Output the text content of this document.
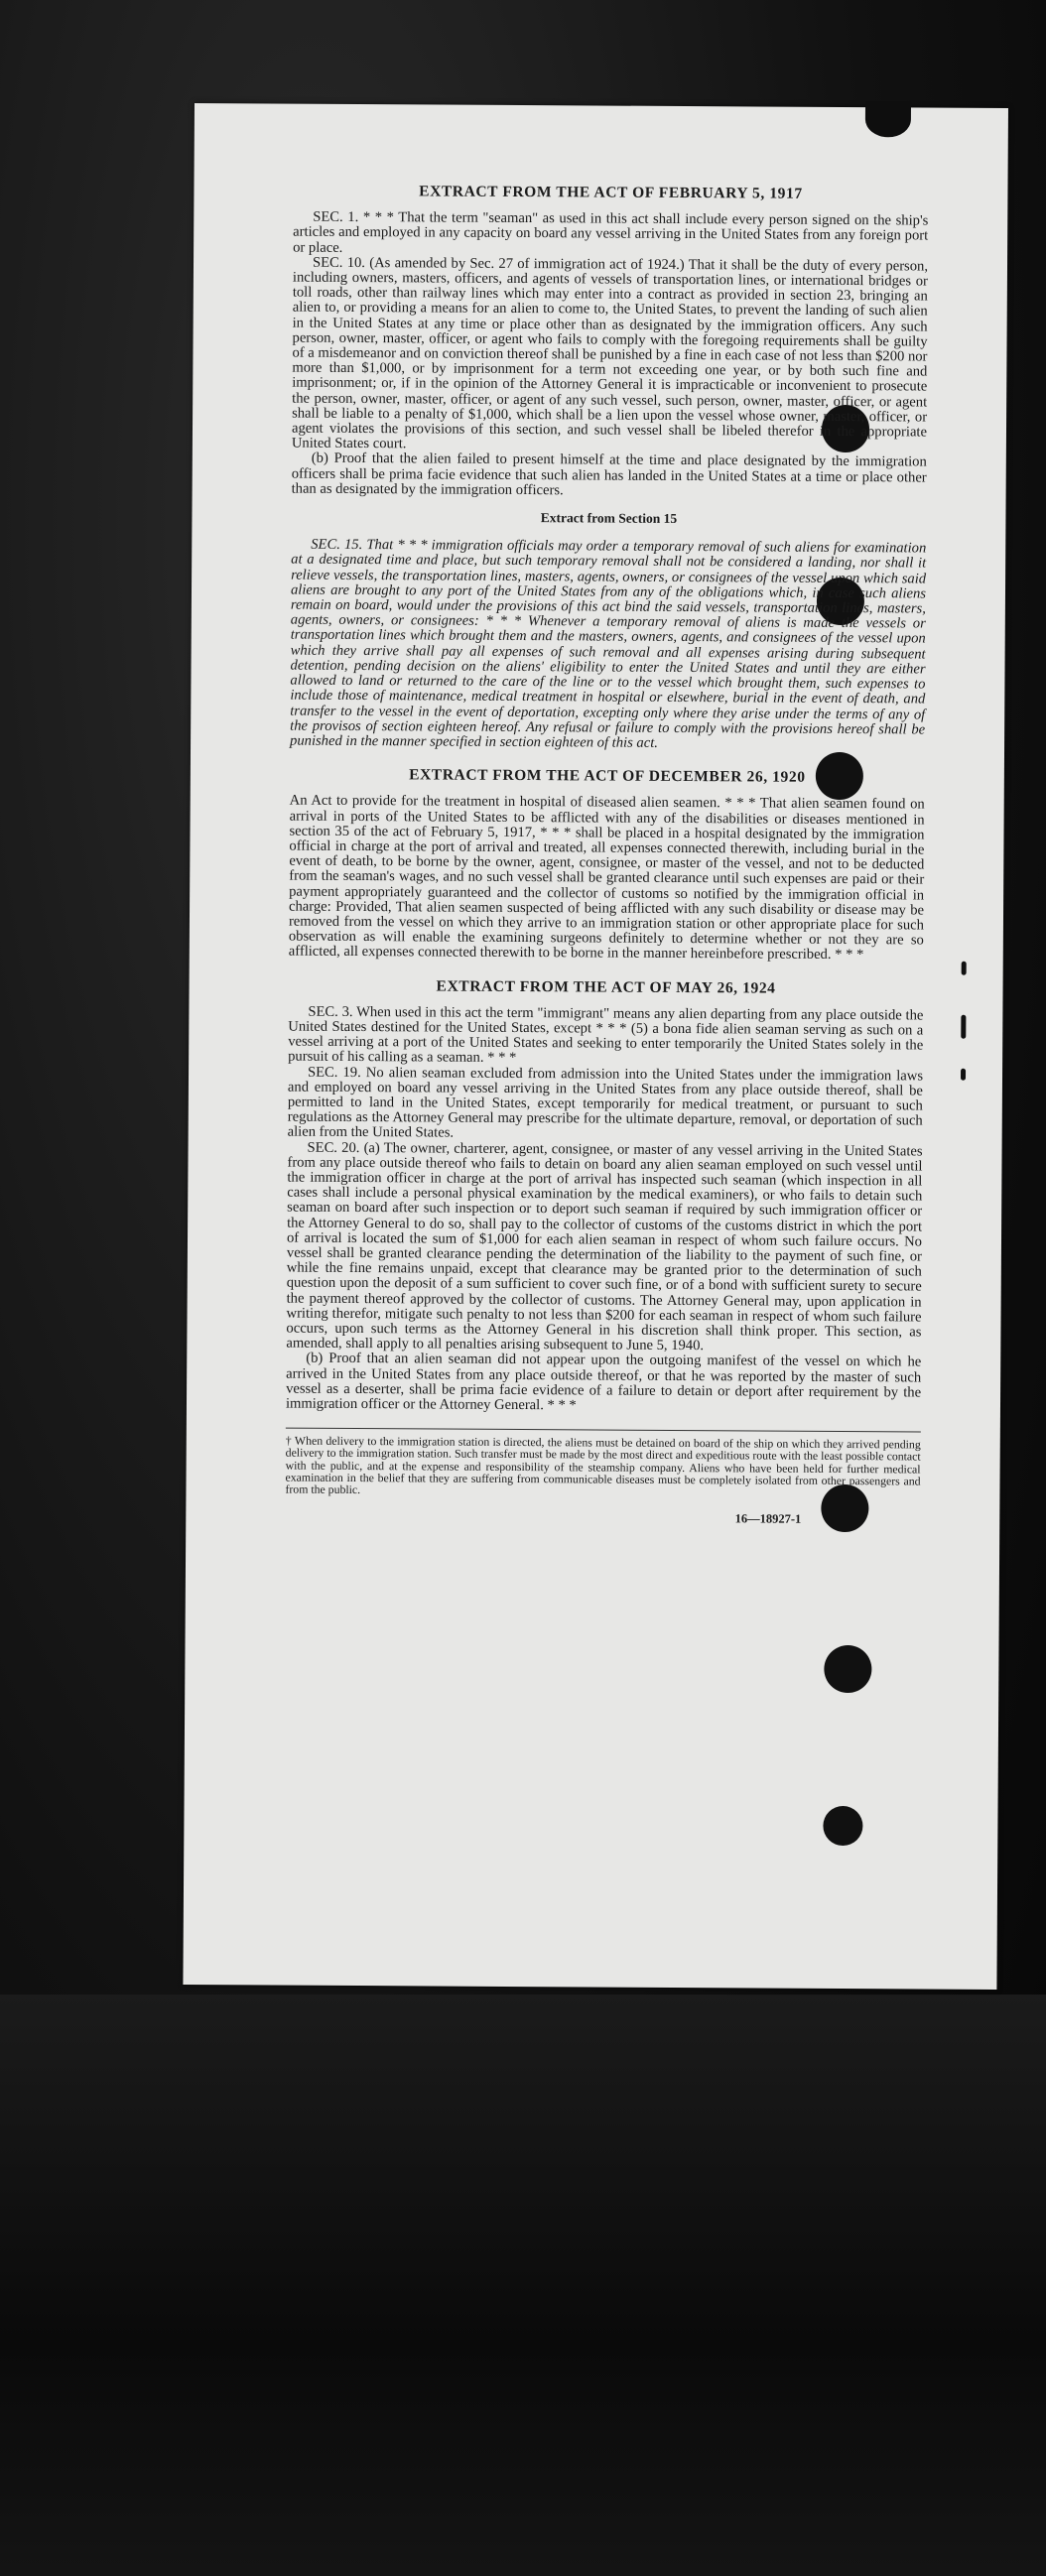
EXTRACT FROM THE ACT OF FEBRUARY 5, 1917

SEC. 1. * * * That the term "seaman" as used in this act shall include every person signed on the ship's articles and employed in any capacity on board any vessel arriving in the United States from any foreign port or place.

SEC. 10. (As amended by Sec. 27 of immigration act of 1924.) That it shall be the duty of every person, including owners, masters, officers, and agents of vessels of transportation lines, or international bridges or toll roads, other than railway lines which may enter into a contract as provided in section 23, bringing an alien to, or providing a means for an alien to come to, the United States, to prevent the landing of such alien in the United States at any time or place other than as designated by the immigration officers. Any such person, owner, master, officer, or agent who fails to comply with the foregoing requirements shall be guilty of a misdemeanor and on conviction thereof shall be punished by a fine in each case of not less than $200 nor more than $1,000, or by imprisonment for a term not exceeding one year, or by both such fine and imprisonment; or, if in the opinion of the Attorney General it is impracticable or inconvenient to prosecute the person, owner, master, officer, or agent of any such vessel, such person, owner, master, officer, or agent shall be liable to a penalty of $1,000, which shall be a lien upon the vessel whose owner, master, officer, or agent violates the provisions of this section, and such vessel shall be libeled therefor in the appropriate United States court.

(b) Proof that the alien failed to present himself at the time and place designated by the immigration officers shall be prima facie evidence that such alien has landed in the United States at a time or place other than as designated by the immigration officers.

Extract from Section 15

SEC. 15. That * * * immigration officials may order a temporary removal of such aliens for examination at a designated time and place, but such temporary removal shall not be considered a landing, nor shall it relieve vessels, the transportation lines, masters, agents, owners, or consignees of the vessel upon which said aliens are brought to any port of the United States from any of the obligations which, in case such aliens remain on board, would under the provisions of this act bind the said vessels, transportation lines, masters, agents, owners, or consignees: * * * Whenever a temporary removal of aliens is made the vessels or transportation lines which brought them and the masters, owners, agents, and consignees of the vessel upon which they arrive shall pay all expenses of such removal and all expenses arising during subsequent detention, pending decision on the aliens' eligibility to enter the United States and until they are either allowed to land or returned to the care of the line or to the vessel which brought them, such expenses to include those of maintenance, medical treatment in hospital or elsewhere, burial in the event of death, and transfer to the vessel in the event of deportation, excepting only where they arise under the terms of any of the provisos of section eighteen hereof. Any refusal or failure to comply with the provisions hereof shall be punished in the manner specified in section eighteen of this act.

EXTRACT FROM THE ACT OF DECEMBER 26, 1920

An Act to provide for the treatment in hospital of diseased alien seamen. * * * That alien seamen found on arrival in ports of the United States to be afflicted with any of the disabilities or diseases mentioned in section 35 of the act of February 5, 1917, * * * shall be placed in a hospital designated by the immigration official in charge at the port of arrival and treated, all expenses connected therewith, including burial in the event of death, to be borne by the owner, agent, consignee, or master of the vessel, and not to be deducted from the seaman's wages, and no such vessel shall be granted clearance until such expenses are paid or their payment appropriately guaranteed and the collector of customs so notified by the immigration official in charge: Provided, That alien seamen suspected of being afflicted with any such disability or disease may be removed from the vessel on which they arrive to an immigration station or other appropriate place for such observation as will enable the examining surgeons definitely to determine whether or not they are so afflicted, all expenses connected therewith to be borne in the manner hereinbefore prescribed. * * *

EXTRACT FROM THE ACT OF MAY 26, 1924

SEC. 3. When used in this act the term "immigrant" means any alien departing from any place outside the United States destined for the United States, except * * * (5) a bona fide alien seaman serving as such on a vessel arriving at a port of the United States and seeking to enter temporarily the United States solely in the pursuit of his calling as a seaman. * * *

SEC. 19. No alien seaman excluded from admission into the United States under the immigration laws and employed on board any vessel arriving in the United States from any place outside thereof, shall be permitted to land in the United States, except temporarily for medical treatment, or pursuant to such regulations as the Attorney General may prescribe for the ultimate departure, removal, or deportation of such alien from the United States.

SEC. 20. (a) The owner, charterer, agent, consignee, or master of any vessel arriving in the United States from any place outside thereof who fails to detain on board any alien seaman employed on such vessel until the immigration officer in charge at the port of arrival has inspected such seaman (which inspection in all cases shall include a personal physical examination by the medical examiners), or who fails to detain such seaman on board after such inspection or to deport such seaman if required by such immigration officer or the Attorney General to do so, shall pay to the collector of customs of the customs district in which the port of arrival is located the sum of $1,000 for each alien seaman in respect of whom such failure occurs. No vessel shall be granted clearance pending the determination of the liability to the payment of such fine, or while the fine remains unpaid, except that clearance may be granted prior to the determination of such question upon the deposit of a sum sufficient to cover such fine, or of a bond with sufficient surety to secure the payment thereof approved by the collector of customs. The Attorney General may, upon application in writing therefor, mitigate such penalty to not less than $200 for each seaman in respect of whom such failure occurs, upon such terms as the Attorney General in his discretion shall think proper. This section, as amended, shall apply to all penalties arising subsequent to June 5, 1940.

(b) Proof that an alien seaman did not appear upon the outgoing manifest of the vessel on which he arrived in the United States from any place outside thereof, or that he was reported by the master of such vessel as a deserter, shall be prima facie evidence of a failure to detain or deport after requirement by the immigration officer or the Attorney General. * * *

† When delivery to the immigration station is directed, the aliens must be detained on board of the ship on which they arrived pending delivery to the immigration station. Such transfer must be made by the most direct and expeditious route with the least possible contact with the public, and at the expense and responsibility of the steamship company. Aliens who have been held for further medical examination in the belief that they are suffering from communicable diseases must be completely isolated from other passengers and from the public.
16—18927-1
